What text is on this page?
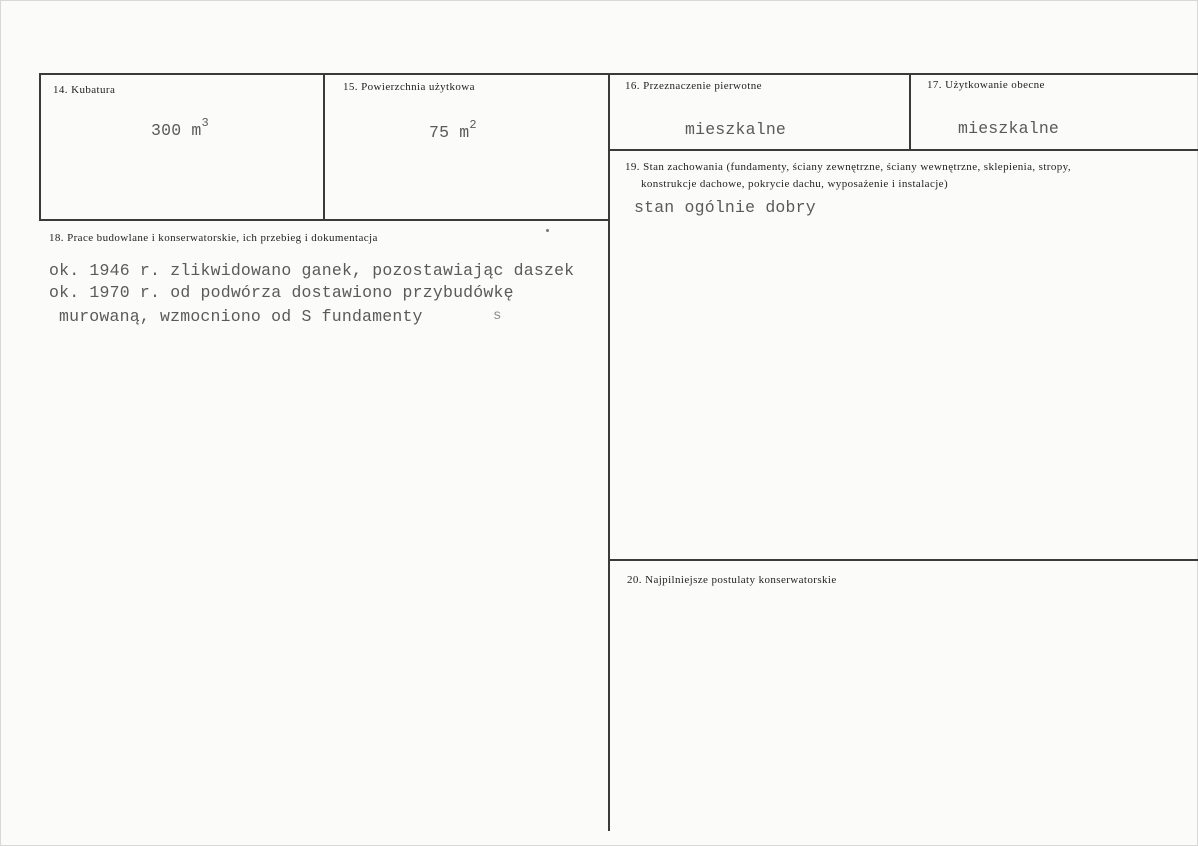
14. Kubatura
300 $m^3$
15. Powierzchnia użytkowa
75 $m^2$
16. Przeznaczenie pierwotne
mieszkalne
17. Użytkowanie obecne
mieszkalne
18. Prace budowlane i konserwatorskie, ich przebieg i dokumentacja
ok. 1946 r. zlikwidowano ganek, pozostawiając daszek
ok. 1970 r. od podwórza dostawiono przybudówkę
murowaną, wzmocniono od S fundamenty	s
19. Stan zachowania (fundamenty, ściany zewnętrzne, ściany wewnętrzne, sklepienia, stropy,
konstrukcje dachowe, pokrycie dachu, wyposażenie i instalacje)
stan ogólnie dobry
20. Najpilniejsze postulaty konserwatorskie
